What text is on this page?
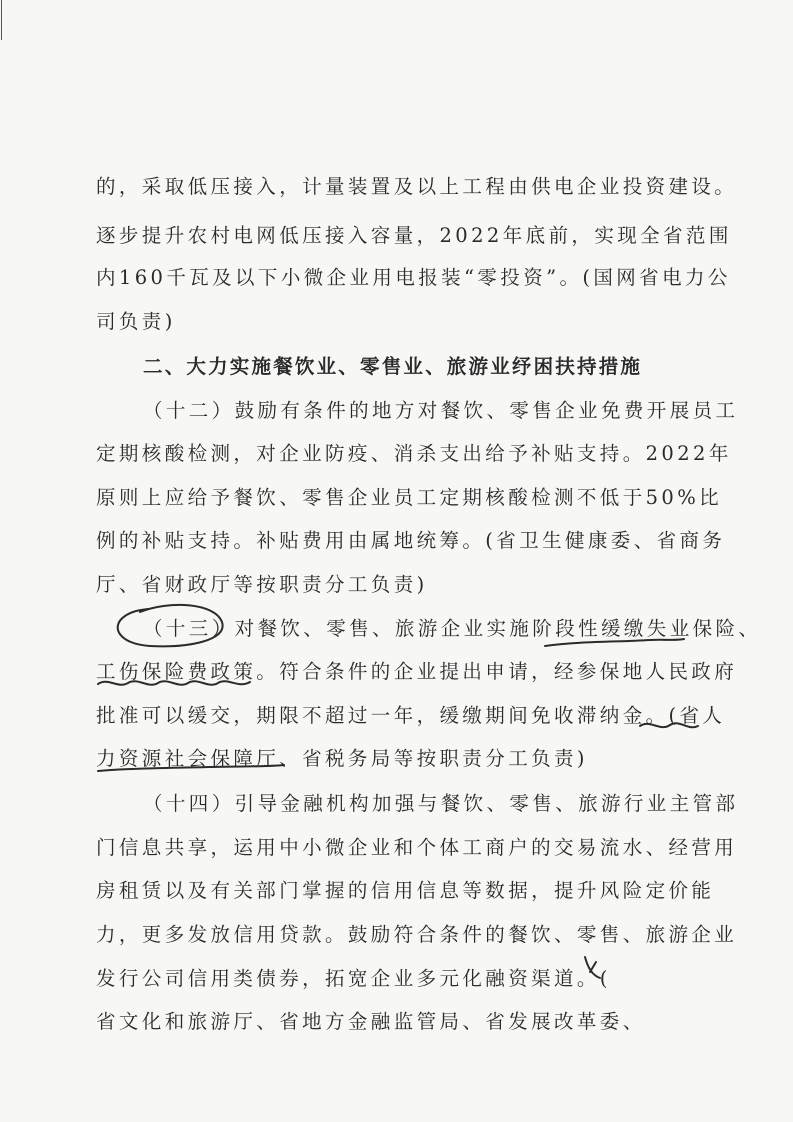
的，采取低压接入，计量装置及以上工程由供电企业投资建设。
逐步提升农村电网低压接入容量，2022年底前，实现全省范围
内160千瓦及以下小微企业用电报装“零投资”。(国网省电力公
司负责)
二、大力实施餐饮业、零售业、旅游业纾困扶持措施
（十二）鼓励有条件的地方对餐饮、零售企业免费开展员工
定期核酸检测，对企业防疫、消杀支出给予补贴支持。2022年
原则上应给予餐饮、零售企业员工定期核酸检测不低于50%比
例的补贴支持。补贴费用由属地统筹。(省卫生健康委、省商务
厅、省财政厅等按职责分工负责)
（十三）对餐饮、零售、旅游企业实施阶段性缓缴失业保险、
工伤保险费政策。符合条件的企业提出申请，经参保地人民政府
批准可以缓交，期限不超过一年，缓缴期间免收滞纳金。(省人
力资源社会保障厅、省税务局等按职责分工负责)
（十四）引导金融机构加强与餐饮、零售、旅游行业主管部
门信息共享，运用中小微企业和个体工商户的交易流水、经营用
房租赁以及有关部门掌握的信用信息等数据，提升风险定价能
力，更多发放信用贷款。鼓励符合条件的餐饮、零售、旅游企业
发行公司信用类债券，拓宽企业多元化融资渠道。(
省文化和旅游厅、省地方金融监管局、省发展改革委、
